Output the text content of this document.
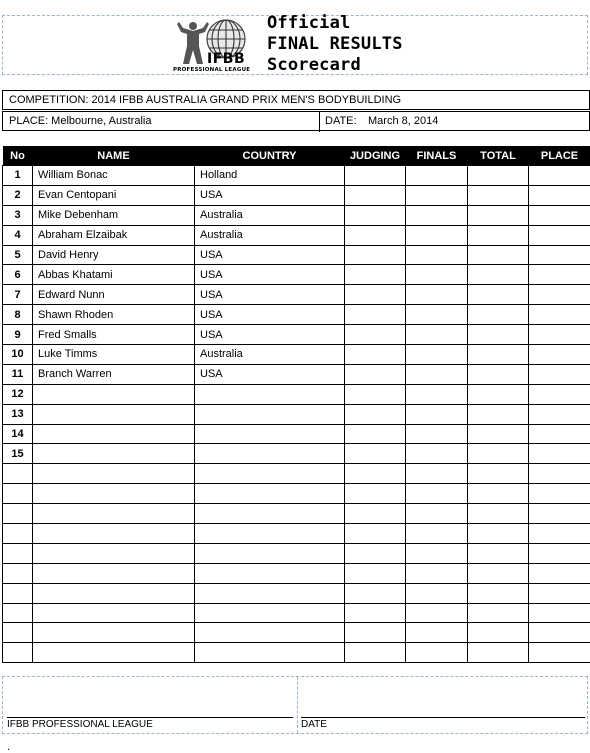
IFBB
PROFESSIONAL LEAGUE
Official
FINAL RESULTS
Scorecard
COMPETITION: 2014 IFBB AUSTRALIA GRAND PRIX MEN'S BODYBUILDING
PLACE: Melbourne, Australia	DATE: March 8, 2014
No	NAME	COUNTRY	JUDGING	FINALS	TOTAL	PLACE
1	William Bonac	Holland				
2	Evan Centopani	USA				
3	Mike Debenham	Australia				
4	Abraham Elzaibak	Australia				
5	David Henry	USA				
6	Abbas Khatami	USA				
7	Edward Nunn	USA				
8	Shawn Rhoden	USA				
9	Fred Smalls	USA				
10	Luke Timms	Australia				
11	Branch Warren	USA				
12						
13						
14						
15						

IFBB PROFESSIONAL LEAGUE	DATE
.
